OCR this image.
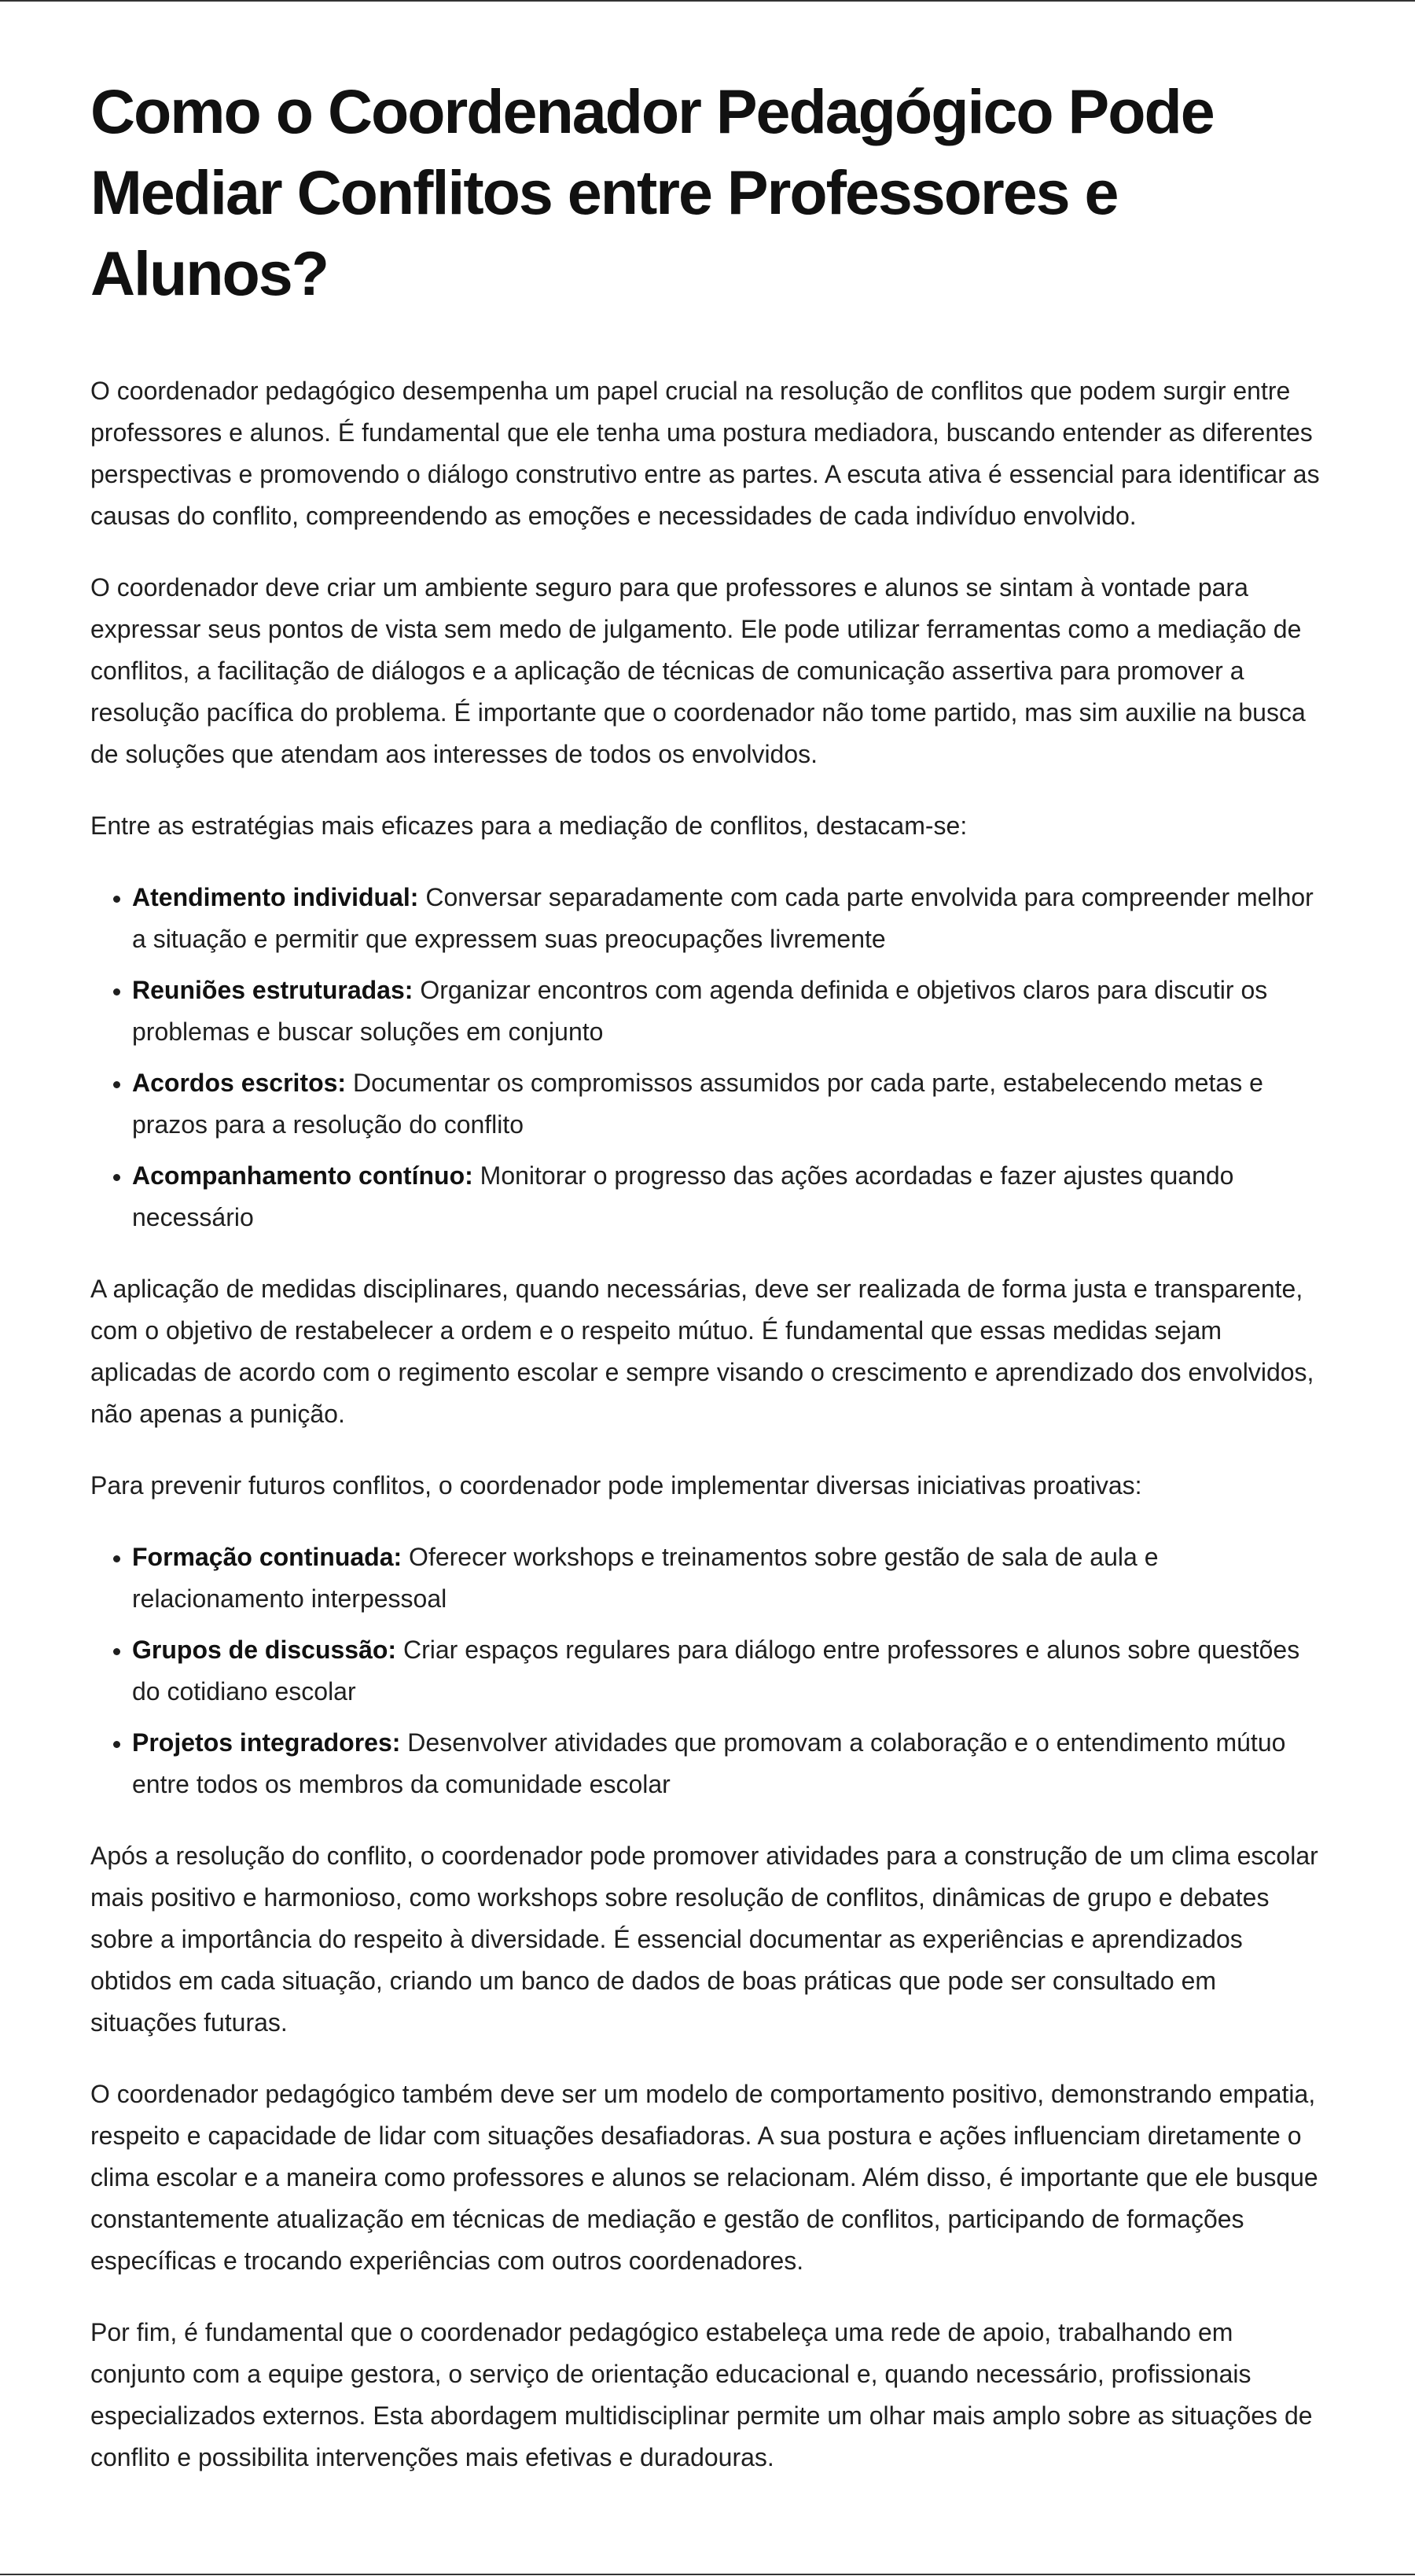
Como o Coordenador Pedagógico Pode Mediar Conflitos entre Professores e Alunos?

O coordenador pedagógico desempenha um papel crucial na resolução de conflitos que podem surgir entre professores e alunos. É fundamental que ele tenha uma postura mediadora, buscando entender as diferentes perspectivas e promovendo o diálogo construtivo entre as partes. A escuta ativa é essencial para identificar as causas do conflito, compreendendo as emoções e necessidades de cada indivíduo envolvido.

O coordenador deve criar um ambiente seguro para que professores e alunos se sintam à vontade para expressar seus pontos de vista sem medo de julgamento. Ele pode utilizar ferramentas como a mediação de conflitos, a facilitação de diálogos e a aplicação de técnicas de comunicação assertiva para promover a resolução pacífica do problema. É importante que o coordenador não tome partido, mas sim auxilie na busca de soluções que atendam aos interesses de todos os envolvidos.

Entre as estratégias mais eficazes para a mediação de conflitos, destacam-se:

• Atendimento individual: Conversar separadamente com cada parte envolvida para compreender melhor a situação e permitir que expressem suas preocupações livremente
• Reuniões estruturadas: Organizar encontros com agenda definida e objetivos claros para discutir os problemas e buscar soluções em conjunto
• Acordos escritos: Documentar os compromissos assumidos por cada parte, estabelecendo metas e prazos para a resolução do conflito
• Acompanhamento contínuo: Monitorar o progresso das ações acordadas e fazer ajustes quando necessário

A aplicação de medidas disciplinares, quando necessárias, deve ser realizada de forma justa e transparente, com o objetivo de restabelecer a ordem e o respeito mútuo. É fundamental que essas medidas sejam aplicadas de acordo com o regimento escolar e sempre visando o crescimento e aprendizado dos envolvidos, não apenas a punição.

Para prevenir futuros conflitos, o coordenador pode implementar diversas iniciativas proativas:

• Formação continuada: Oferecer workshops e treinamentos sobre gestão de sala de aula e relacionamento interpessoal
• Grupos de discussão: Criar espaços regulares para diálogo entre professores e alunos sobre questões do cotidiano escolar
• Projetos integradores: Desenvolver atividades que promovam a colaboração e o entendimento mútuo entre todos os membros da comunidade escolar

Após a resolução do conflito, o coordenador pode promover atividades para a construção de um clima escolar mais positivo e harmonioso, como workshops sobre resolução de conflitos, dinâmicas de grupo e debates sobre a importância do respeito à diversidade. É essencial documentar as experiências e aprendizados obtidos em cada situação, criando um banco de dados de boas práticas que pode ser consultado em situações futuras.

O coordenador pedagógico também deve ser um modelo de comportamento positivo, demonstrando empatia, respeito e capacidade de lidar com situações desafiadoras. A sua postura e ações influenciam diretamente o clima escolar e a maneira como professores e alunos se relacionam. Além disso, é importante que ele busque constantemente atualização em técnicas de mediação e gestão de conflitos, participando de formações específicas e trocando experiências com outros coordenadores.

Por fim, é fundamental que o coordenador pedagógico estabeleça uma rede de apoio, trabalhando em conjunto com a equipe gestora, o serviço de orientação educacional e, quando necessário, profissionais especializados externos. Esta abordagem multidisciplinar permite um olhar mais amplo sobre as situações de conflito e possibilita intervenções mais efetivas e duradouras.
